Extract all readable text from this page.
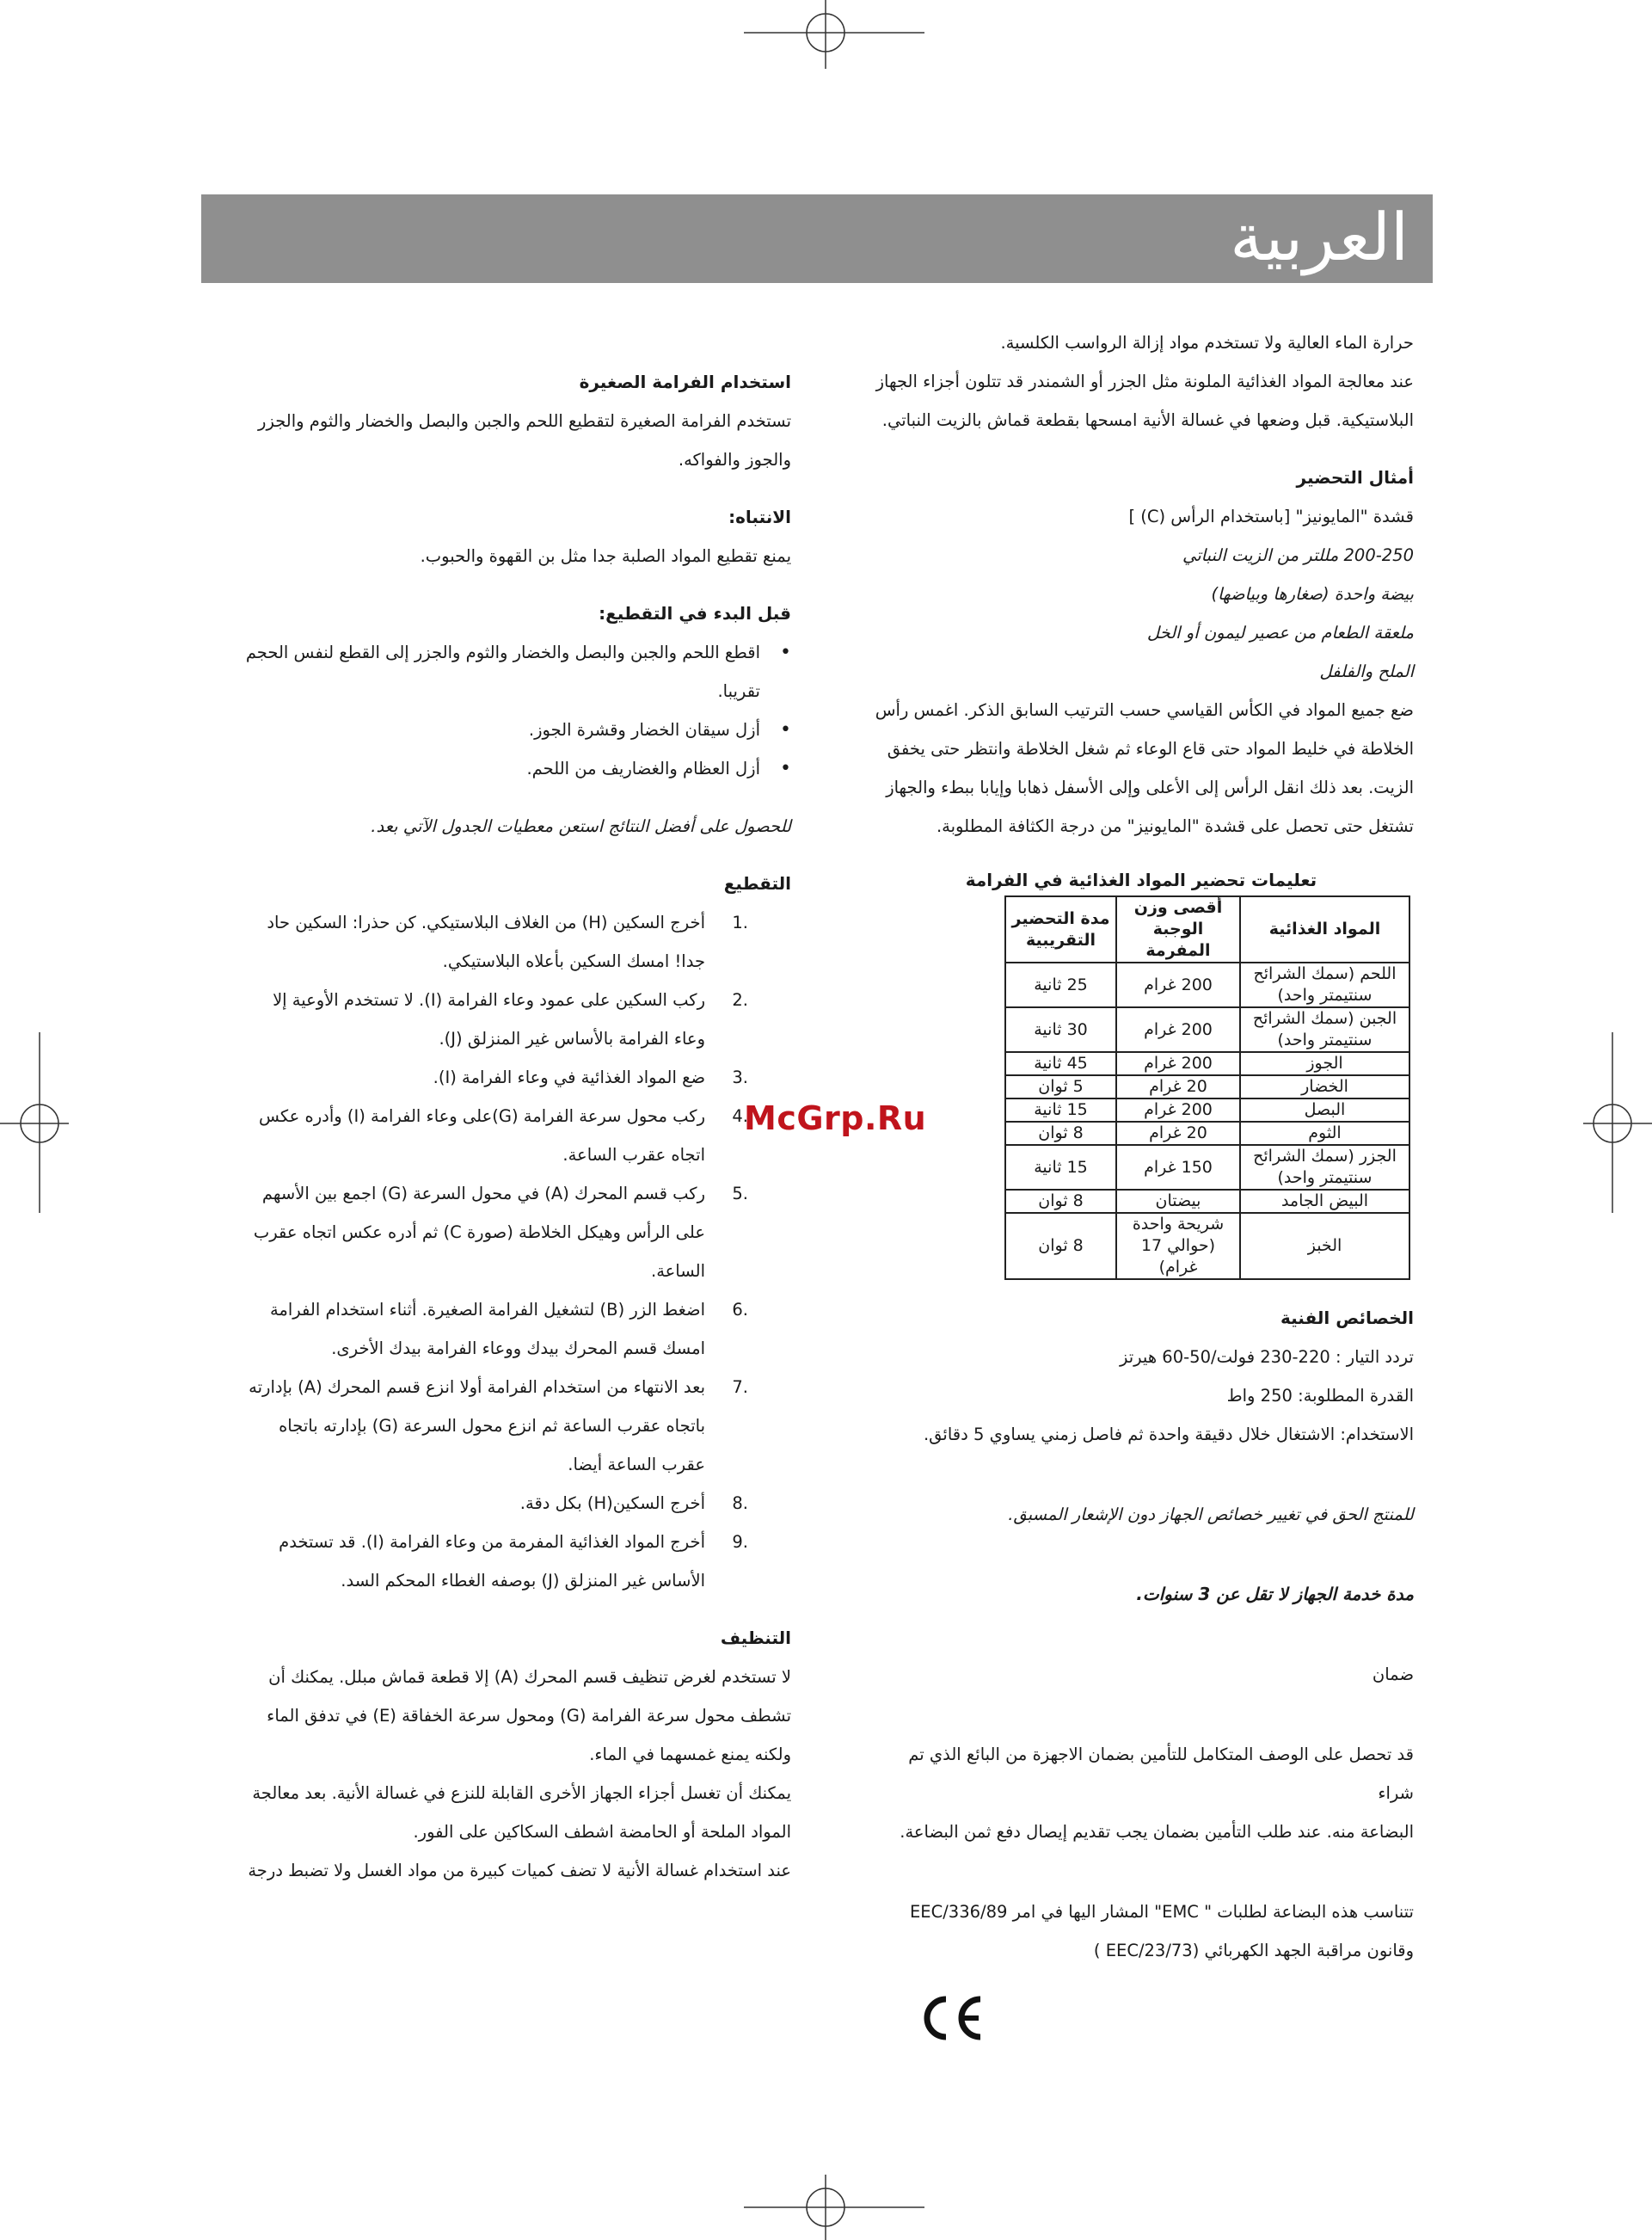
العربية

حرارة الماء العالية ولا تستخدم مواد إزالة الرواسب الكلسية.

عند معالجة المواد الغذائية الملونة مثل الجزر أو الشمندر قد تتلون أجزاء الجهاز

البلاستيكية. قبل وضعها في غسالة الأنية امسحها بقطعة قماش بالزيت النباتي.

أمثال التحضير

قشدة "المايونيز" [باستخدام الرأس (C) ]

200-250 مللتر من الزيت النباتي

بيضة واحدة (صغارها وبياضها)

ملعقة الطعام من عصير ليمون أو الخل

الملح والفلفل

ضع جميع المواد في الكأس القياسي حسب الترتيب السابق الذكر. اغمس رأس

الخلاطة في خليط المواد حتى قاع الوعاء ثم شغل الخلاطة وانتظر حتى يخفق

الزيت. بعد ذلك انقل الرأس إلى الأعلى وإلى الأسفل ذهابا وإيابا ببطء والجهاز

تشتغل حتى تحصل على قشدة "المايونيز" من درجة الكثافة المطلوبة.

تعليمات تحضير المواد الغذائية في الفرامة
المواد الغذائية	أقصى وزن الوجبة المفرمة	مدة التحضير التقريبية
اللحم (سمك الشرائح سنتيمتر واحد)	200 غرام	25 ثانية
الجبن (سمك الشرائح سنتيمتر واحد)	200 غرام	30 ثانية
الجوز	200 غرام	45 ثانية
الخضار	20 غرام	5 ثوان
البصل	200 غرام	15 ثانية
الثوم	20 غرام	8 ثوان
الجزر (سمك الشرائح سنتيمتر واحد)	150 غرام	15 ثانية
البيض الجامد	بيضتان	8 ثوان
الخبز	شريحة واحدة (حوالي 17 غرام)	8 ثوان

الخصائص الفنية

تردد التيار : 220-230 فولت/50-60 هيرتز

القدرة المطلوبة: 250 واط

الاستخدام: الاشتغال خلال دقيقة واحدة ثم فاصل زمني يساوي 5 دقائق.

للمنتج الحق في تغيير خصائص الجهاز دون الإشعار المسبق.

مدة خدمة الجهاز لا تقل عن 3 سنوات.

ضمان

قد تحصل على الوصف المتكامل للتأمين بضمان الاجهزة من البائع الذي تم شراء

البضاعة منه. عند طلب التأمين بضمان يجب تقديم إيصال دفع ثمن البضاعة.

تتناسب هذه البضاعة لطلبات " EMC" المشار اليها في امر EEC/336/89

وقانون مراقبة الجهد الكهربائي (EEC/23/73 )

استخدام الفرامة الصغيرة

تستخدم الفرامة الصغيرة لتقطيع اللحم والجبن والبصل والخضار والثوم والجزر

والجوز والفواكه.

الانتباه:

يمنع تقطيع المواد الصلبة جدا مثل بن القهوة والحبوب.

قبل البدء في التقطيع:

• اقطع اللحم والجبن والبصل والخضار والثوم والجزر إلى القطع لنفس الحجم تقريبا.
• أزل سيقان الخضار وقشرة الجوز.
• أزل العظام والغضاريف من اللحم.

للحصول على أفضل النتائج استعن معطيات الجدول الآتي بعد.

التقطيع

1.
أخرج السكين (H) من الغلاف البلاستيكي. كن حذرا: السكين حاد جدا! امسك السكين بأعلاه البلاستيكي.
2.
ركب السكين على عمود وعاء الفرامة (I). لا تستخدم الأوعية إلا وعاء الفرامة بالأساس غير المنزلق (J).
3.
ضع المواد الغذائية في وعاء الفرامة (I).
4.
ركب محول سرعة الفرامة (G)على وعاء الفرامة (I) وأدره عكس اتجاه عقرب الساعة.
5.
ركب قسم المحرك (A) في محول السرعة (G) اجمع بين الأسهم على الرأس وهيكل الخلاطة (صورة C) ثم أدره عكس اتجاه عقرب الساعة.
6.
اضغط الزر (B) لتشغيل الفرامة الصغيرة. أثناء استخدام الفرامة امسك قسم المحرك بيدك ووعاء الفرامة بيدك الأخرى.
7.
بعد الانتهاء من استخدام الفرامة أولا انزع قسم المحرك (A) بإدارته باتجاه عقرب الساعة ثم انزع محول السرعة (G) بإدارته باتجاه عقرب الساعة أيضا.
8.
أخرج السكين(H) بكل دقة.
9.
أخرج المواد الغذائية المفرمة من وعاء الفرامة (I). قد تستخدم الأساس غير المنزلق (J) بوصفه الغطاء المحكم السد.

التنظيف

لا تستخدم لغرض تنظيف قسم المحرك (A) إلا قطعة قماش مبلل. يمكنك أن

تشطف محول سرعة الفرامة (G) ومحول سرعة الخفاقة (E) في تدفق الماء

ولكنه يمنع غمسهما في الماء.

يمكنك أن تغسل أجزاء الجهاز الأخرى القابلة للنزع في غسالة الأنية. بعد معالجة

المواد الملحة أو الحامضة اشطف السكاكين على الفور.

عند استخدام غسالة الأنية لا تضف كميات كبيرة من مواد الغسل ولا تضبط درجة

McGrp.Ru
